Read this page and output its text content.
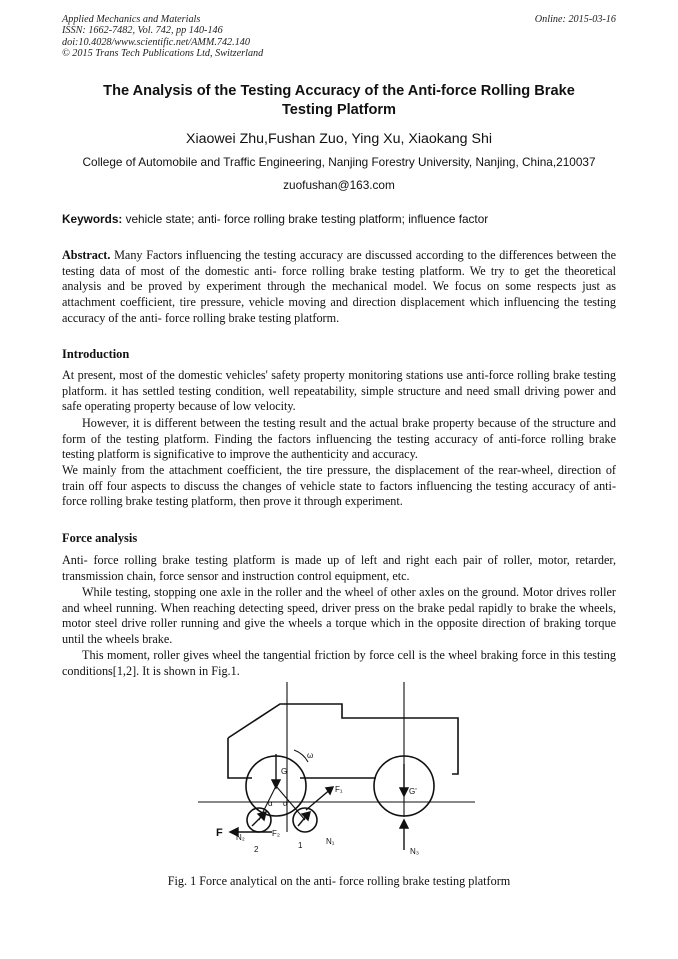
Applied Mechanics and Materials
ISSN: 1662-7482, Vol. 742, pp 140-146
doi:10.4028/www.scientific.net/AMM.742.140
© 2015 Trans Tech Publications Ltd, Switzerland
Online: 2015-03-16
The Analysis of the Testing Accuracy of the Anti-force Rolling Brake
Testing Platform
Xiaowei Zhu,Fushan Zuo, Ying Xu, Xiaokang Shi
College of Automobile and Traffic Engineering, Nanjing Forestry University, Nanjing, China,210037
zuofushan@163.com
Keywords: vehicle state; anti- force rolling brake testing platform; influence factor
Abstract. Many Factors influencing the testing accuracy are discussed according to the differences between the testing data of most of the domestic anti- force rolling brake testing platform. We try to get the theoretical analysis and be proved by experiment through the mechanical model. We focus on some respects just as attachment coefficient, tire pressure, vehicle moving and direction displacement which influencing the testing accuracy of the anti- force rolling brake testing platform.
Introduction
At present, most of the domestic vehicles' safety property monitoring stations use anti-force rolling brake testing platform. it has settled testing condition, well repeatability, simple structure and need small driving power and safe operating property because of low velocity.
However, it is different between the testing result and the actual brake property because of the structure and form of the testing platform. Finding the factors influencing the testing accuracy of anti-force rolling brake testing platform is significative to improve the authenticity and accuracy.
We mainly from the attachment coefficient, the tire pressure, the displacement of the rear-wheel, direction of train off four aspects to discuss the changes of vehicle state to factors influencing the testing accuracy of anti- force rolling brake testing platform, then prove it through experiment.
Force analysis
Anti- force rolling brake testing platform is made up of left and right each pair of roller, motor, retarder, transmission chain, force sensor and instruction control equipment, etc.
While testing, stopping one axle in the roller and the wheel of other axles on the ground. Motor drives roller and wheel running. When reaching detecting speed, driver press on the brake pedal rapidly to brake the wheels, motor steel drive roller running and give the wheels a torque which in the opposite direction of braking torque until the wheels brake.
This moment, roller gives wheel the tangential friction by force cell is the wheel braking force in this testing conditions[1,2]. It is shown in Fig.1.
ω
G
G'
F₁
F N₂	F₂
N₁
N₃
α α
2	1
Fig. 1 Force analytical on the anti- force rolling brake testing platform
